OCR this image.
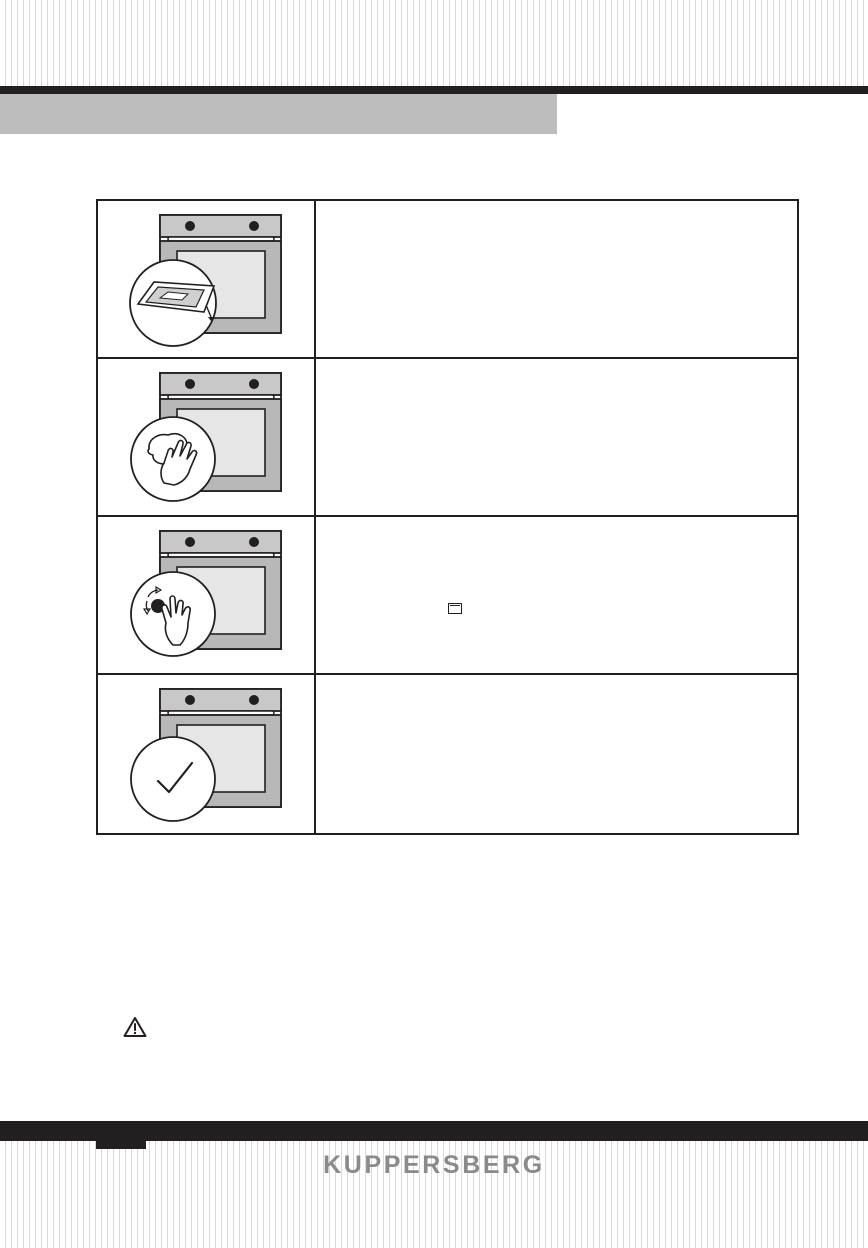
KUPPERSBERG
